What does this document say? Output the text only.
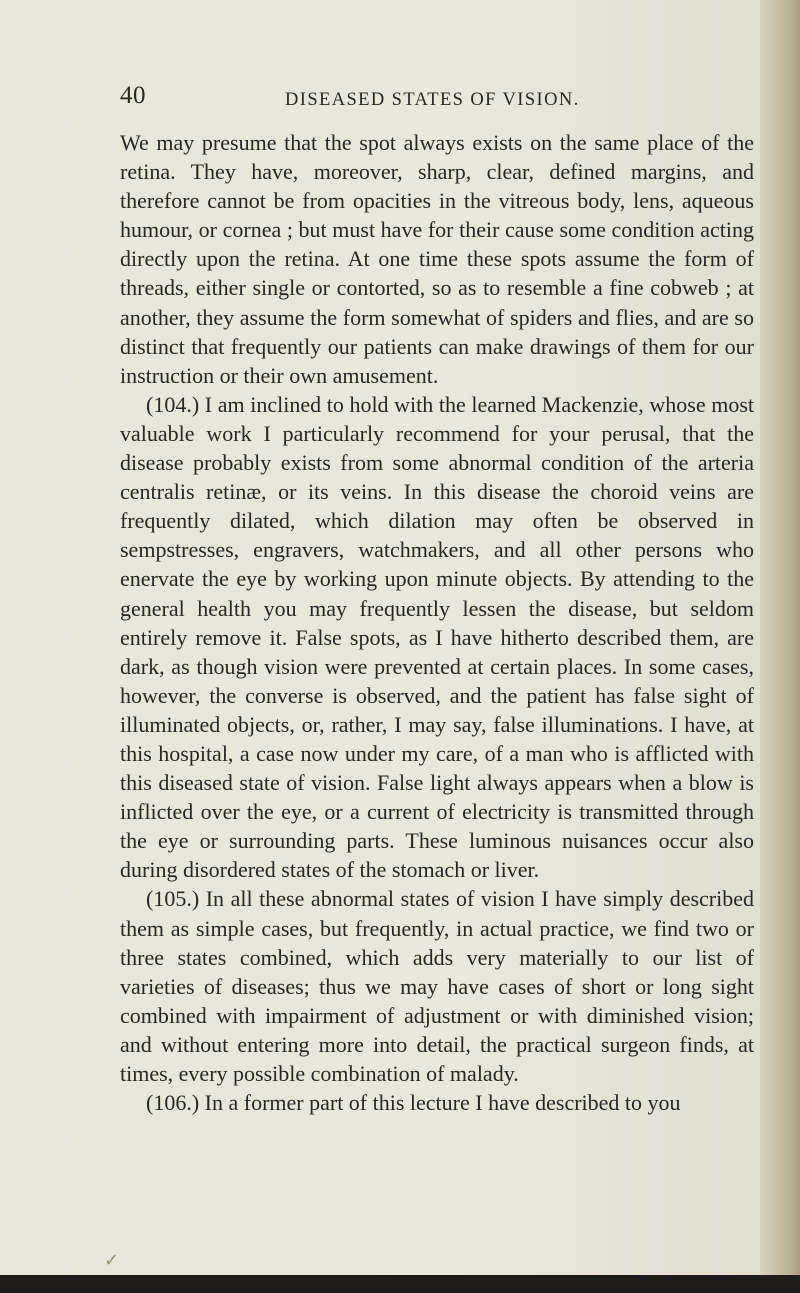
40	DISEASED STATES OF VISION.

We may presume that the spot always exists on the same place of the retina. They have, moreover, sharp, clear, defined margins, and therefore cannot be from opacities in the vitreous body, lens, aqueous humour, or cornea ; but must have for their cause some condition acting directly upon the retina. At one time these spots assume the form of threads, either single or contorted, so as to resemble a fine cobweb ; at another, they assume the form somewhat of spiders and flies, and are so distinct that frequently our patients can make drawings of them for our instruction or their own amusement.

(104.) I am inclined to hold with the learned Mackenzie, whose most valuable work I particularly recommend for your perusal, that the disease probably exists from some abnormal condition of the arteria centralis retinæ, or its veins. In this disease the choroid veins are frequently dilated, which dilation may often be observed in sempstresses, engravers, watchmakers, and all other persons who enervate the eye by working upon minute objects. By attending to the general health you may frequently lessen the disease, but seldom entirely remove it. False spots, as I have hitherto described them, are dark, as though vision were prevented at certain places. In some cases, however, the converse is observed, and the patient has false sight of illuminated objects, or, rather, I may say, false illuminations. I have, at this hospital, a case now under my care, of a man who is afflicted with this diseased state of vision. False light always appears when a blow is inflicted over the eye, or a current of electricity is transmitted through the eye or surrounding parts. These luminous nuisances occur also during disordered states of the stomach or liver.

(105.) In all these abnormal states of vision I have simply described them as simple cases, but frequently, in actual practice, we find two or three states combined, which adds very materially to our list of varieties of diseases; thus we may have cases of short or long sight combined with impairment of adjustment or with diminished vision; and without entering more into detail, the practical surgeon finds, at times, every possible combination of malady.

(106.) In a former part of this lecture I have described to you

✓
